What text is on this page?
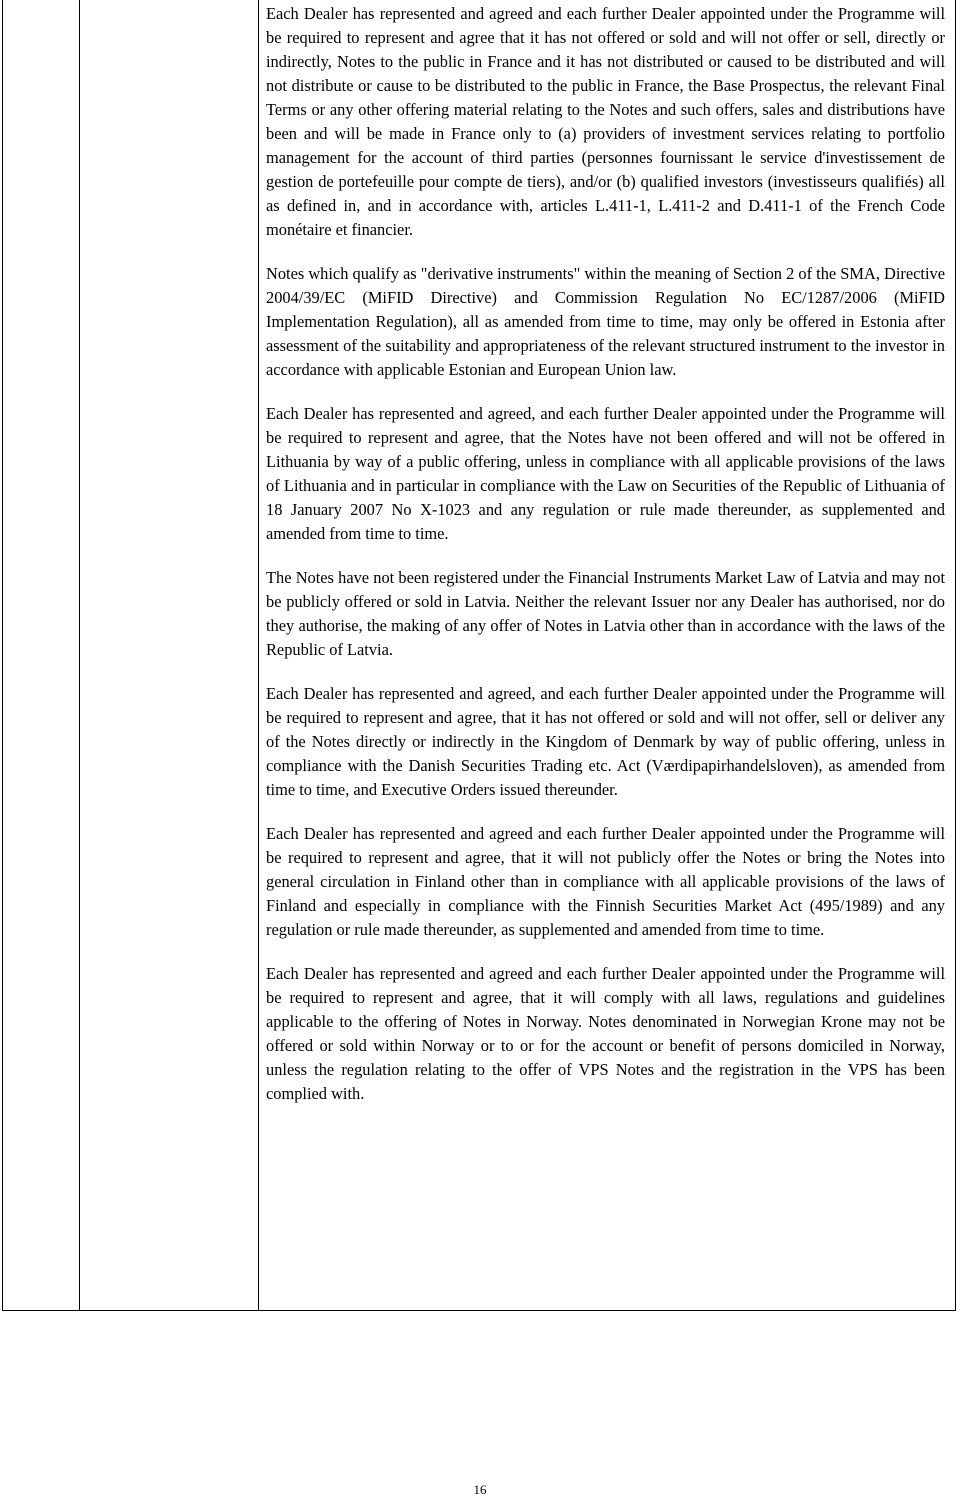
Each Dealer has represented and agreed and each further Dealer appointed under the Programme will be required to represent and agree that it has not offered or sold and will not offer or sell, directly or indirectly, Notes to the public in France and it has not distributed or caused to be distributed and will not distribute or cause to be distributed to the public in France, the Base Prospectus, the relevant Final Terms or any other offering material relating to the Notes and such offers, sales and distributions have been and will be made in France only to (a) providers of investment services relating to portfolio management for the account of third parties (personnes fournissant le service d'investissement de gestion de portefeuille pour compte de tiers), and/or (b) qualified investors (investisseurs qualifiés) all as defined in, and in accordance with, articles L.411-1, L.411-2 and D.411-1 of the French Code monétaire et financier.

Notes which qualify as "derivative instruments" within the meaning of Section 2 of the SMA, Directive 2004/39/EC (MiFID Directive) and Commission Regulation No EC/1287/2006 (MiFID Implementation Regulation), all as amended from time to time, may only be offered in Estonia after assessment of the suitability and appropriateness of the relevant structured instrument to the investor in accordance with applicable Estonian and European Union law.

Each Dealer has represented and agreed, and each further Dealer appointed under the Programme will be required to represent and agree, that the Notes have not been offered and will not be offered in Lithuania by way of a public offering, unless in compliance with all applicable provisions of the laws of Lithuania and in particular in compliance with the Law on Securities of the Republic of Lithuania of 18 January 2007 No X-1023 and any regulation or rule made thereunder, as supplemented and amended from time to time.

The Notes have not been registered under the Financial Instruments Market Law of Latvia and may not be publicly offered or sold in Latvia. Neither the relevant Issuer nor any Dealer has authorised, nor do they authorise, the making of any offer of Notes in Latvia other than in accordance with the laws of the Republic of Latvia.

Each Dealer has represented and agreed, and each further Dealer appointed under the Programme will be required to represent and agree, that it has not offered or sold and will not offer, sell or deliver any of the Notes directly or indirectly in the Kingdom of Denmark by way of public offering, unless in compliance with the Danish Securities Trading etc. Act (Værdipapirhandelsloven), as amended from time to time, and Executive Orders issued thereunder.

Each Dealer has represented and agreed and each further Dealer appointed under the Programme will be required to represent and agree, that it will not publicly offer the Notes or bring the Notes into general circulation in Finland other than in compliance with all applicable provisions of the laws of Finland and especially in compliance with the Finnish Securities Market Act (495/1989) and any regulation or rule made thereunder, as supplemented and amended from time to time.

Each Dealer has represented and agreed and each further Dealer appointed under the Programme will be required to represent and agree, that it will comply with all laws, regulations and guidelines applicable to the offering of Notes in Norway. Notes denominated in Norwegian Krone may not be offered or sold within Norway or to or for the account or benefit of persons domiciled in Norway, unless the regulation relating to the offer of VPS Notes and the registration in the VPS has been complied with.

16
